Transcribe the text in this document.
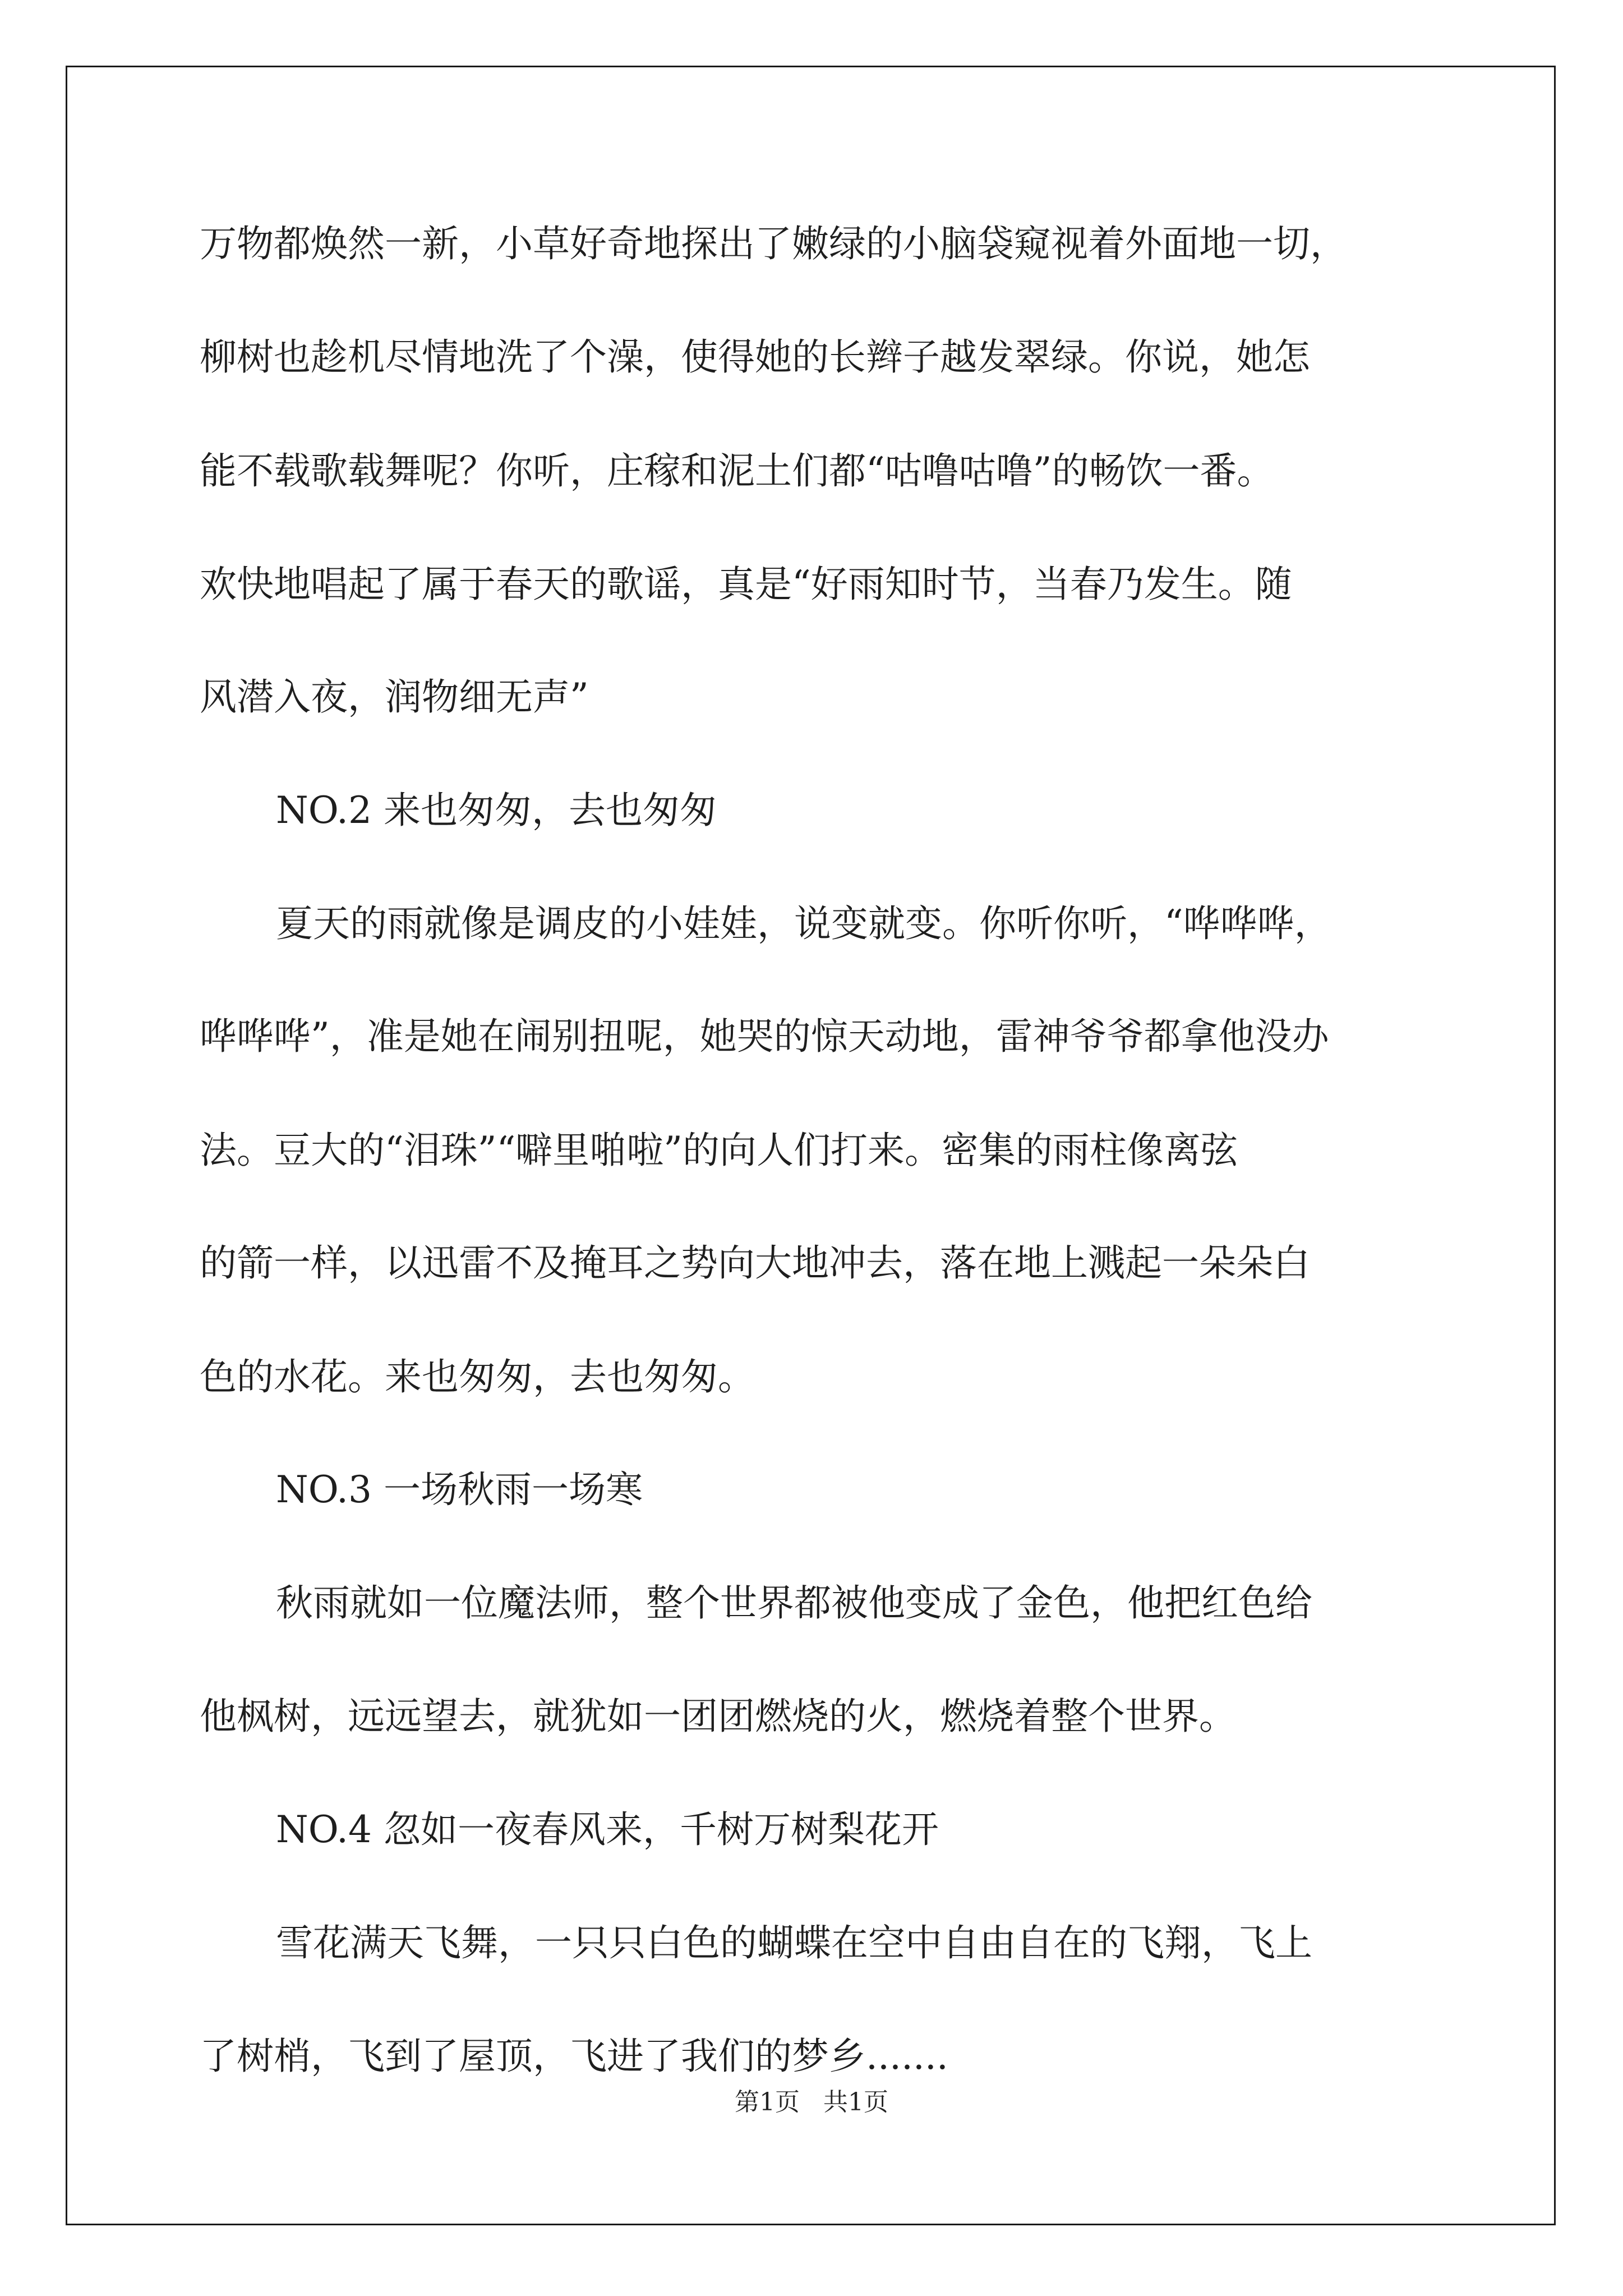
万物都焕然一新，小草好奇地探出了嫩绿的小脑袋窥视着外面地一切，
柳树也趁机尽情地洗了个澡，使得她的长辫子越发翠绿。你说，她怎
能不载歌载舞呢？你听，庄稼和泥土们都“咕噜咕噜”的畅饮一番。
欢快地唱起了属于春天的歌谣，真是“好雨知时节，当春乃发生。随
风潜入夜，润物细无声”
NO.2 来也匆匆，去也匆匆
夏天的雨就像是调皮的小娃娃，说变就变。你听你听，“哗哗哗，
哗哗哗”，准是她在闹别扭呢，她哭的惊天动地，雷神爷爷都拿他没办
法。豆大的“泪珠”“噼里啪啦”的向人们打来。密集的雨柱像离弦
的箭一样，以迅雷不及掩耳之势向大地冲去，落在地上溅起一朵朵白
色的水花。来也匆匆，去也匆匆。
NO.3 一场秋雨一场寒
秋雨就如一位魔法师，整个世界都被他变成了金色，他把红色给
他枫树，远远望去，就犹如一团团燃烧的火，燃烧着整个世界。
NO.4 忽如一夜春风来，千树万树梨花开
雪花满天飞舞，一只只白色的蝴蝶在空中自由自在的飞翔，飞上
了树梢，飞到了屋顶，飞进了我们的梦乡.......
第1页   共1页
